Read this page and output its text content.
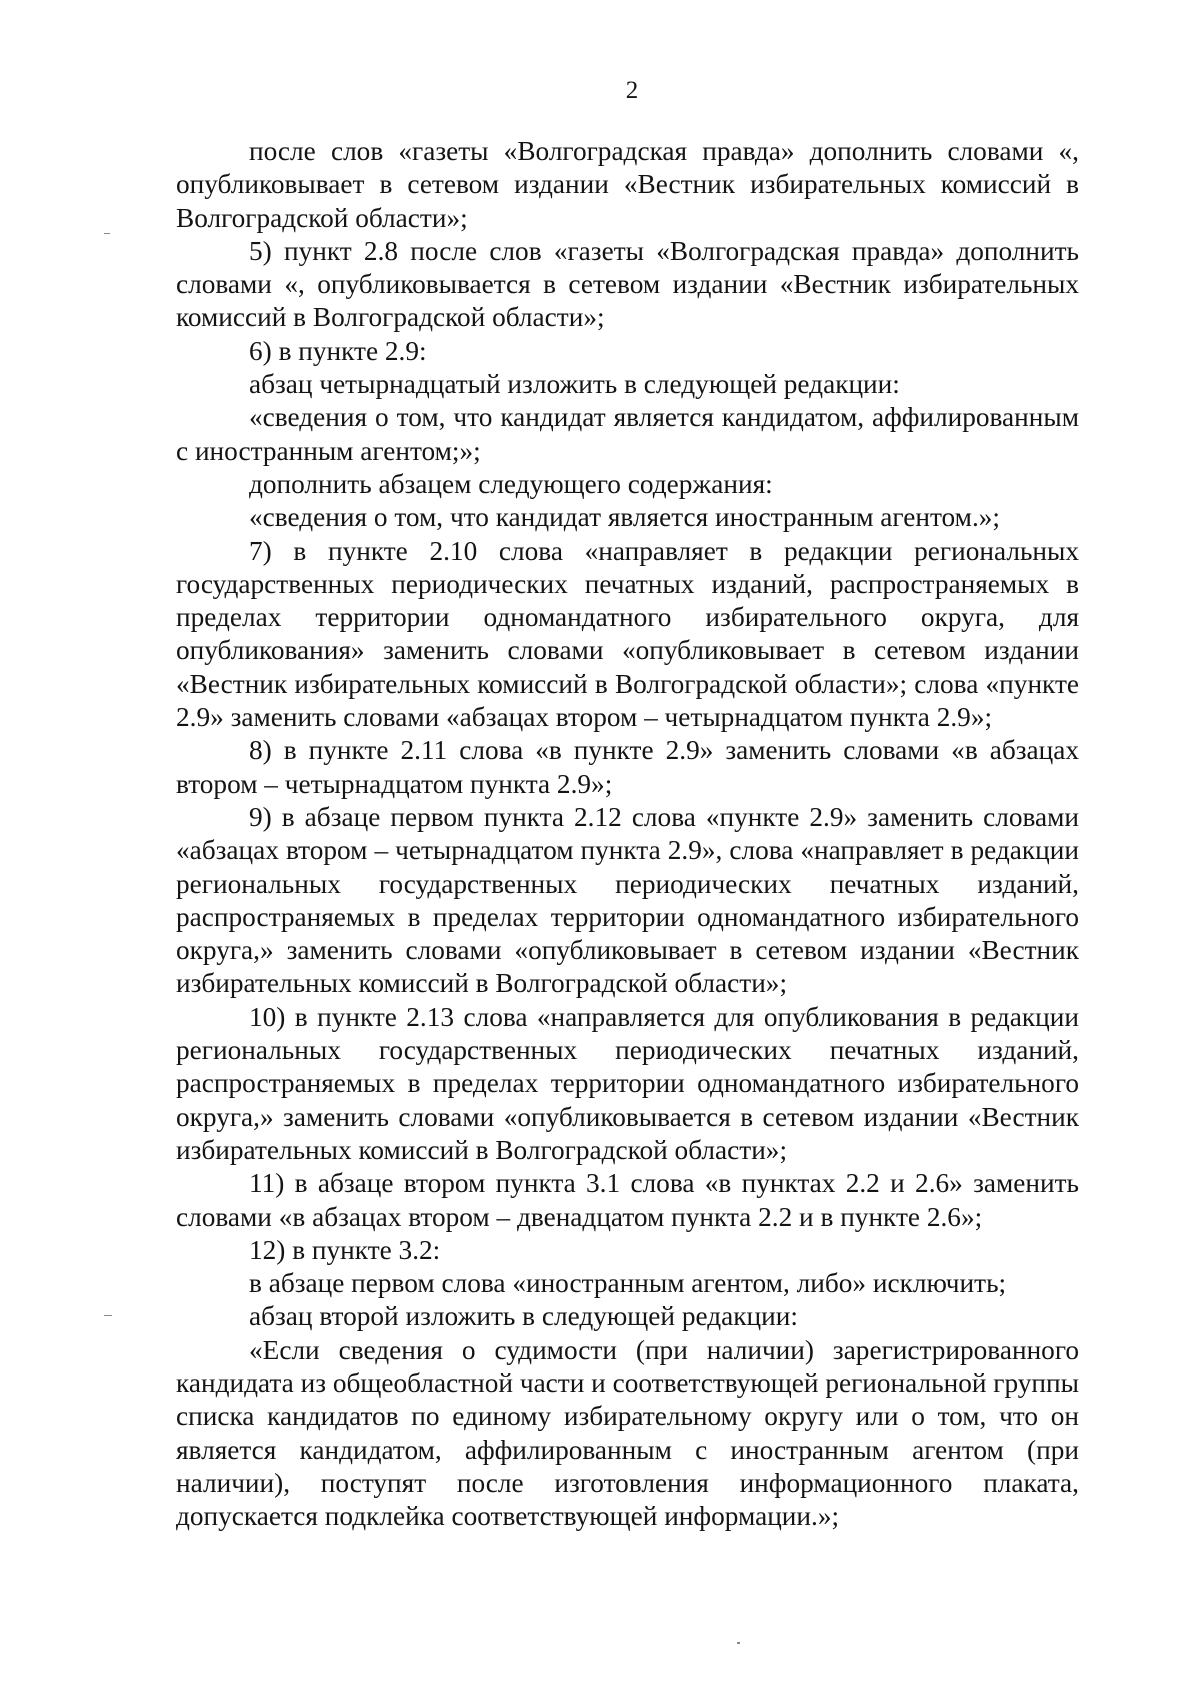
2

после слов «газеты «Волгоградская правда» дополнить словами «, опубликовывает в сетевом издании «Вестник избирательных комиссий в Волгоградской области»;

5) пункт 2.8 после слов «газеты «Волгоградская правда» дополнить словами «, опубликовывается в сетевом издании «Вестник избирательных комиссий в Волгоградской области»;

6) в пункте 2.9:

абзац четырнадцатый изложить в следующей редакции:

«сведения о том, что кандидат является кандидатом, аффилированным с иностранным агентом;»;

дополнить абзацем следующего содержания:

«сведения о том, что кандидат является иностранным агентом.»;

7) в пункте 2.10 слова «направляет в редакции региональных государственных периодических печатных изданий, распространяемых в пределах территории одномандатного избирательного округа, для опубликования» заменить словами «опубликовывает в сетевом издании «Вестник избирательных комиссий в Волгоградской области»; слова «пункте 2.9» заменить словами «абзацах втором – четырнадцатом пункта 2.9»;

8) в пункте 2.11 слова «в пункте 2.9» заменить словами «в абзацах втором – четырнадцатом пункта 2.9»;

9) в абзаце первом пункта 2.12 слова «пункте 2.9» заменить словами «абзацах втором – четырнадцатом пункта 2.9», слова «направляет в редакции региональных государственных периодических печатных изданий, распространяемых в пределах территории одномандатного избирательного округа,» заменить словами «опубликовывает в сетевом издании «Вестник избирательных комиссий в Волгоградской области»;

10) в пункте 2.13 слова «направляется для опубликования в редакции региональных государственных периодических печатных изданий, распространяемых в пределах территории одномандатного избирательного округа,» заменить словами «опубликовывается в сетевом издании «Вестник избирательных комиссий в Волгоградской области»;

11) в абзаце втором пункта 3.1 слова «в пунктах 2.2 и 2.6» заменить словами «в абзацах втором – двенадцатом пункта 2.2 и в пункте 2.6»;

12) в пункте 3.2:

в абзаце первом слова «иностранным агентом, либо» исключить;

абзац второй изложить в следующей редакции:

«Если сведения о судимости (при наличии) зарегистрированного кандидата из общеобластной части и соответствующей региональной группы списка кандидатов по единому избирательному округу или о том, что он является кандидатом, аффилированным с иностранным агентом (при наличии), поступят после изготовления информационного плаката, допускается подклейка соответствующей информации.»;
